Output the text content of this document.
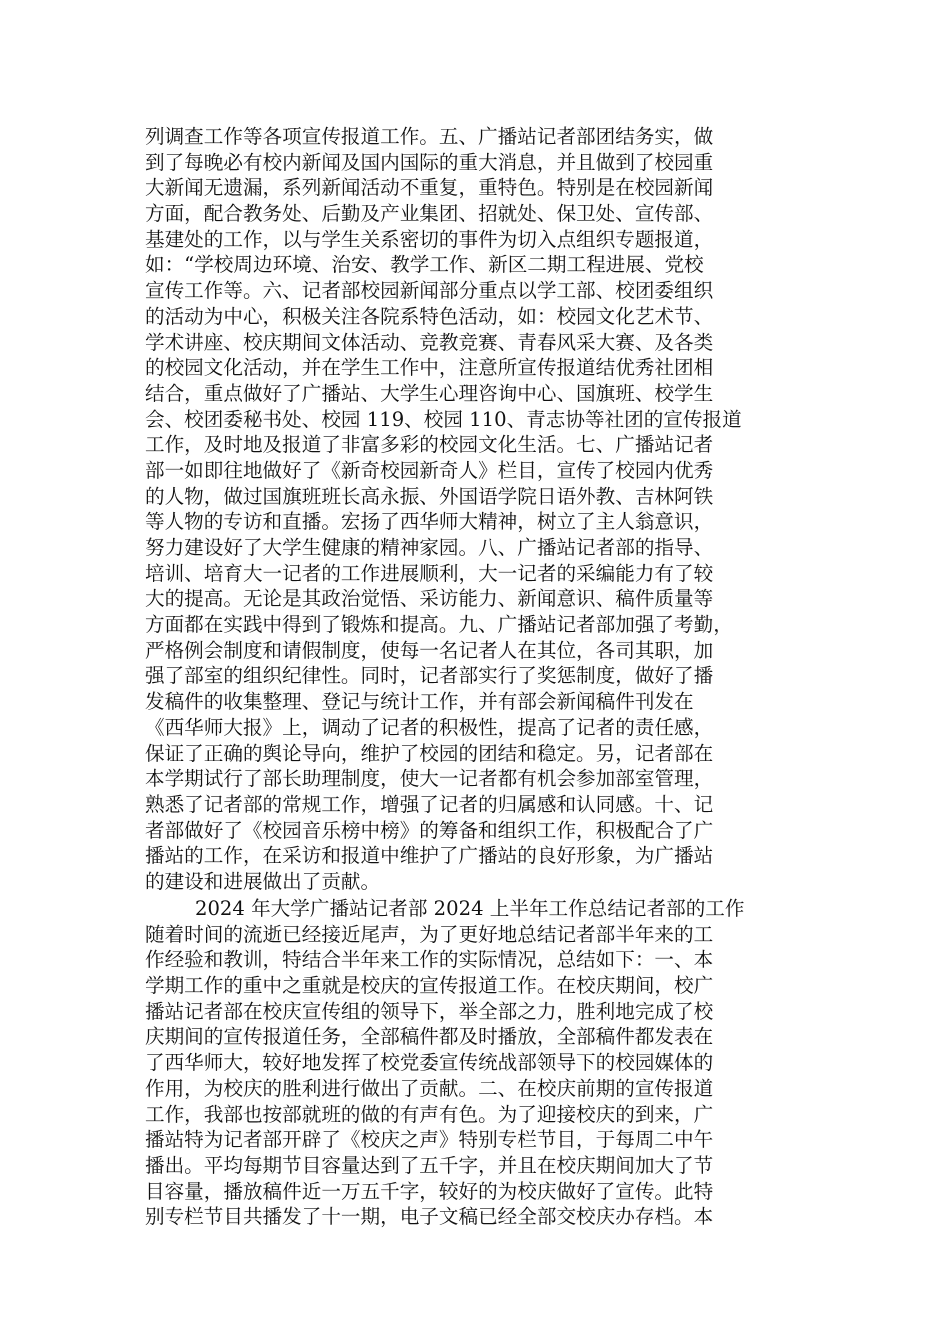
列调查工作等各项宣传报道工作。五、广播站记者部团结务实，做
到了每晚必有校内新闻及国内国际的重大消息，并且做到了校园重
大新闻无遗漏，系列新闻活动不重复，重特色。特别是在校园新闻
方面，配合教务处、后勤及产业集团、招就处、保卫处、宣传部、
基建处的工作，以与学生关系密切的事件为切入点组织专题报道，
如：“学校周边环境、治安、教学工作、新区二期工程进展、党校
宣传工作等。六、记者部校园新闻部分重点以学工部、校团委组织
的活动为中心，积极关注各院系特色活动，如：校园文化艺术节、
学术讲座、校庆期间文体活动、竞教竞赛、青春风采大赛、及各类
的校园文化活动，并在学生工作中，注意所宣传报道结优秀社团相
结合，重点做好了广播站、大学生心理咨询中心、国旗班、校学生
会、校团委秘书处、校园 119、校园 110、青志协等社团的宣传报道
工作，及时地及报道了非富多彩的校园文化生活。七、广播站记者
部一如即往地做好了《新奇校园新奇人》栏目，宣传了校园内优秀
的人物，做过国旗班班长高永振、外国语学院日语外教、吉林阿铁
等人物的专访和直播。宏扬了西华师大精神，树立了主人翁意识，
努力建设好了大学生健康的精神家园。八、广播站记者部的指导、
培训、培育大一记者的工作进展顺利，大一记者的采编能力有了较
大的提高。无论是其政治觉悟、采访能力、新闻意识、稿件质量等
方面都在实践中得到了锻炼和提高。九、广播站记者部加强了考勤，
严格例会制度和请假制度，使每一名记者人在其位，各司其职，加
强了部室的组织纪律性。同时，记者部实行了奖惩制度，做好了播
发稿件的收集整理、登记与统计工作，并有部会新闻稿件刊发在
《西华师大报》上，调动了记者的积极性，提高了记者的责任感，
保证了正确的舆论导向，维护了校园的团结和稳定。另，记者部在
本学期试行了部长助理制度，使大一记者都有机会参加部室管理，
熟悉了记者部的常规工作，增强了记者的归属感和认同感。十、记
者部做好了《校园音乐榜中榜》的筹备和组织工作，积极配合了广
播站的工作，在采访和报道中维护了广播站的良好形象，为广播站
的建设和进展做出了贡献。
2024 年大学广播站记者部 2024 上半年工作总结记者部的工作
随着时间的流逝已经接近尾声，为了更好地总结记者部半年来的工
作经验和教训，特结合半年来工作的实际情况，总结如下：一、本
学期工作的重中之重就是校庆的宣传报道工作。在校庆期间，校广
播站记者部在校庆宣传组的领导下，举全部之力，胜利地完成了校
庆期间的宣传报道任务，全部稿件都及时播放，全部稿件都发表在
了西华师大，较好地发挥了校党委宣传统战部领导下的校园媒体的
作用，为校庆的胜利进行做出了贡献。二、在校庆前期的宣传报道
工作，我部也按部就班的做的有声有色。为了迎接校庆的到来，广
播站特为记者部开辟了《校庆之声》特别专栏节目，于每周二中午
播出。平均每期节目容量达到了五千字，并且在校庆期间加大了节
目容量，播放稿件近一万五千字，较好的为校庆做好了宣传。此特
别专栏节目共播发了十一期，电子文稿已经全部交校庆办存档。本
